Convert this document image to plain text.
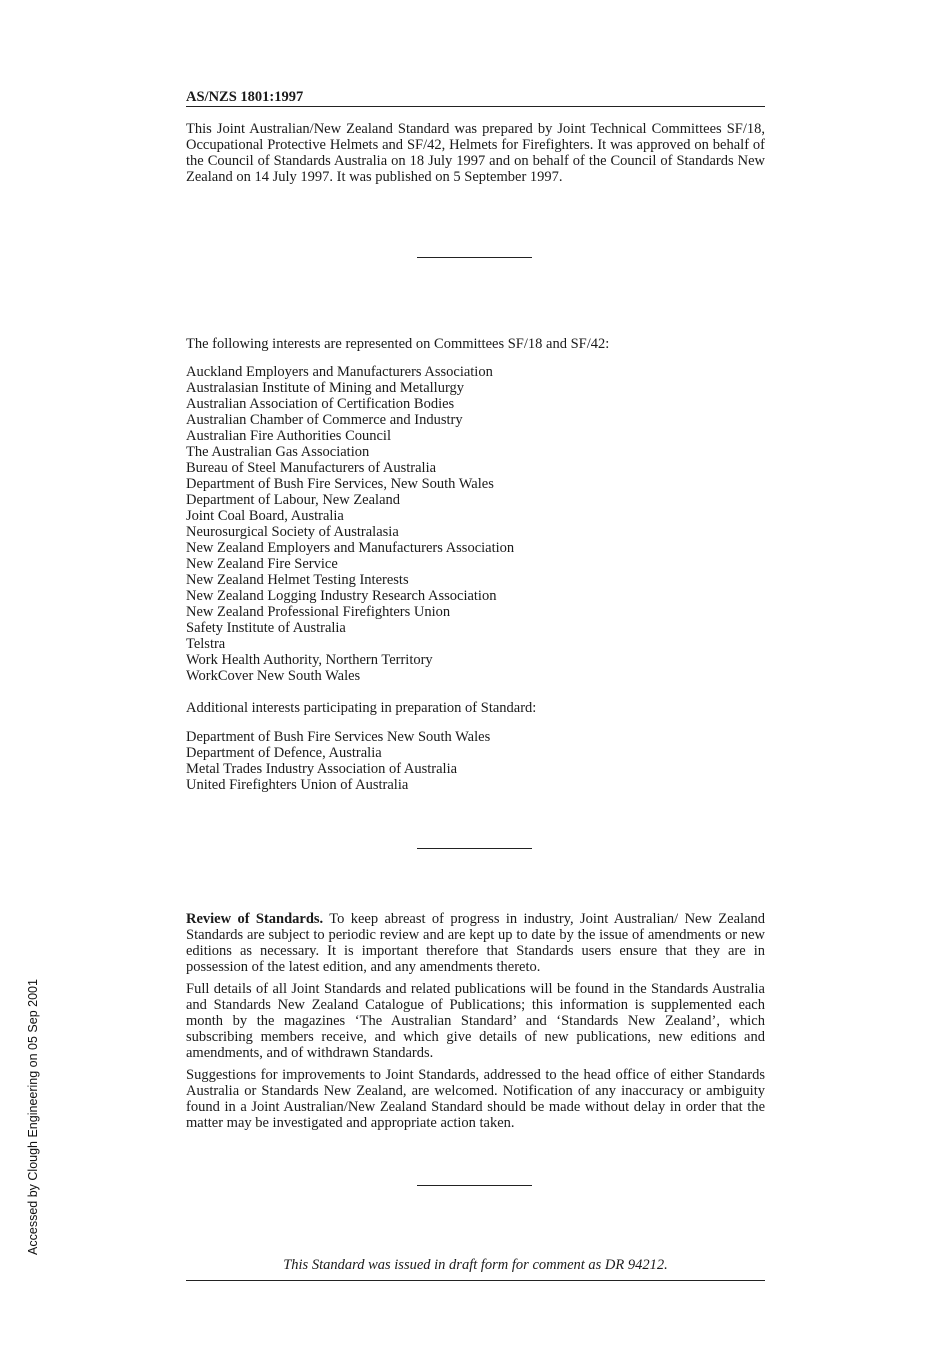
AS/NZS 1801:1997
This Joint Australian/New Zealand Standard was prepared by Joint Technical Committees SF/18, Occupational Protective Helmets and SF/42, Helmets for Firefighters. It was approved on behalf of the Council of Standards Australia on 18 July 1997 and on behalf of the Council of Standards New Zealand on 14 July 1997. It was published on 5 September 1997.
The following interests are represented on Committees SF/18 and SF/42:
Auckland Employers and Manufacturers Association
Australasian Institute of Mining and Metallurgy
Australian Association of Certification Bodies
Australian Chamber of Commerce and Industry
Australian Fire Authorities Council
The Australian Gas Association
Bureau of Steel Manufacturers of Australia
Department of Bush Fire Services, New South Wales
Department of Labour, New Zealand
Joint Coal Board, Australia
Neurosurgical Society of Australasia
New Zealand Employers and Manufacturers Association
New Zealand Fire Service
New Zealand Helmet Testing Interests
New Zealand Logging Industry Research Association
New Zealand Professional Firefighters Union
Safety Institute of Australia
Telstra
Work Health Authority, Northern Territory
WorkCover New South Wales
Additional interests participating in preparation of Standard:
Department of Bush Fire Services New South Wales
Department of Defence, Australia
Metal Trades Industry Association of Australia
United Firefighters Union of Australia

Review of Standards. To keep abreast of progress in industry, Joint Australian/ New Zealand Standards are subject to periodic review and are kept up to date by the issue of amendments or new editions as necessary. It is important therefore that Standards users ensure that they are in possession of the latest edition, and any amendments thereto.

Full details of all Joint Standards and related publications will be found in the Standards Australia and Standards New Zealand Catalogue of Publications; this information is supplemented each month by the magazines ‘The Australian Standard’ and ‘Standards New Zealand’, which subscribing members receive, and which give details of new publications, new editions and amendments, and of withdrawn Standards.

Suggestions for improvements to Joint Standards, addressed to the head office of either Standards Australia or Standards New Zealand, are welcomed. Notification of any inaccuracy or ambiguity found in a Joint Australian/New Zealand Standard should be made without delay in order that the matter may be investigated and appropriate action taken.

This Standard was issued in draft form for comment as DR 94212.
Accessed by Clough Engineering on 05 Sep 2001
